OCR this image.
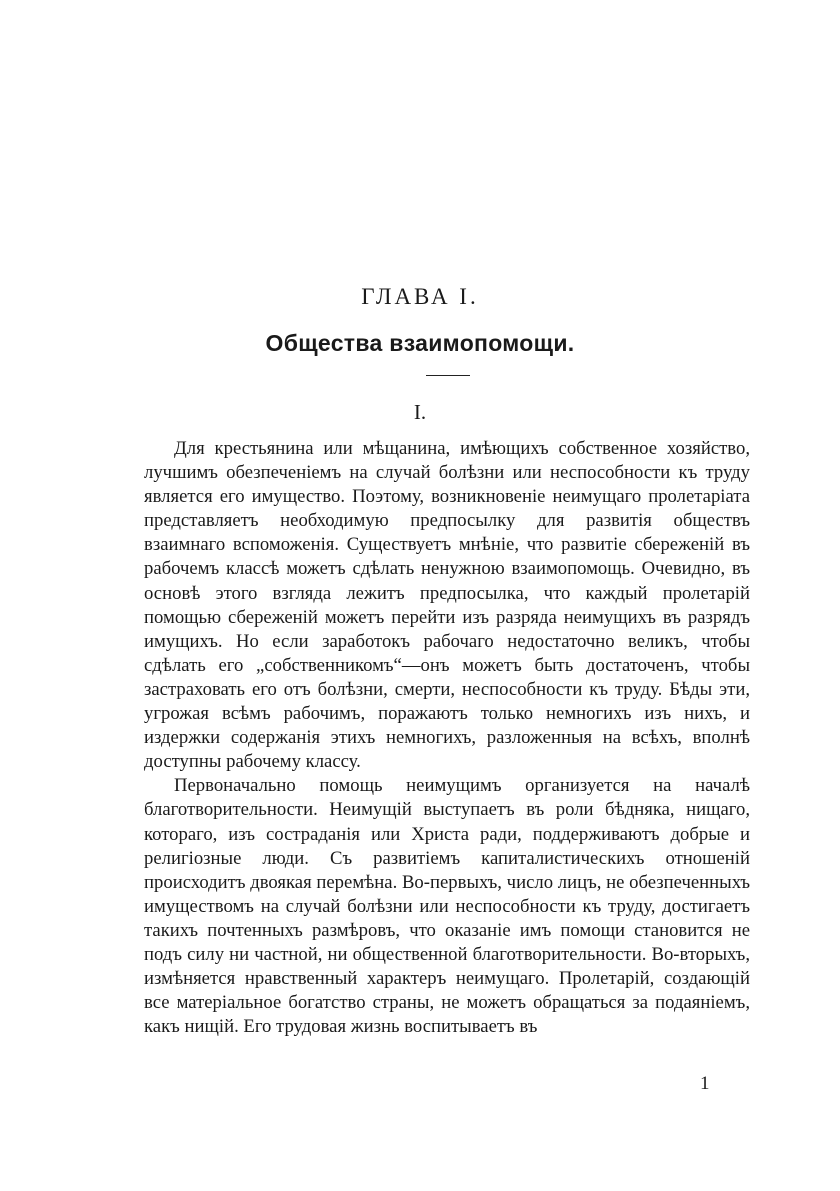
ГЛАВА I.
Общества взаимопомощи.
I.

Для крестьянина или мѣщанина, имѣющихъ собственное хозяйство, лучшимъ обезпеченіемъ на случай болѣзни или неспособности къ труду является его имущество. Поэтому, возникновеніе неимущаго пролетаріата представляетъ необходимую предпосылку для развитія обществъ взаимнаго вспоможенія. Существуетъ мнѣніе, что развитіе сбереженій въ рабочемъ классѣ можетъ сдѣлать ненужною взаимопомощь. Очевидно, въ основѣ этого взгляда лежитъ предпосылка, что каждый пролетарій помощью сбереженій можетъ перейти изъ разряда неимущихъ въ разрядъ имущихъ. Но если заработокъ рабочаго недостаточно великъ, чтобы сдѣлать его „собственникомъ“—онъ можетъ быть достаточенъ, чтобы застраховать его отъ болѣзни, смерти, неспособности къ труду. Бѣды эти, угрожая всѣмъ рабочимъ, поражаютъ только немногихъ изъ нихъ, и издержки содержанія этихъ немногихъ, разложенныя на всѣхъ, вполнѣ доступны рабочему классу.

Первоначально помощь неимущимъ организуется на началѣ благотворительности. Неимущій выступаетъ въ роли бѣдняка, нищаго, котораго, изъ состраданія или Христа ради, поддерживаютъ добрые и религіозные люди. Съ развитіемъ капиталистическихъ отношеній происходитъ двоякая перемѣна. Во-первыхъ, число лицъ, не обезпеченныхъ имуществомъ на случай болѣзни или неспособности къ труду, достигаетъ такихъ почтенныхъ размѣровъ, что оказаніе имъ помощи становится не подъ силу ни частной, ни общественной благотворительности. Во-вторыхъ, измѣняется нравственный характеръ неимущаго. Пролетарій, создающій все матеріальное богатство страны, не можетъ обращаться за подаяніемъ, какъ нищій. Его трудовая жизнь воспитываетъ въ

1
